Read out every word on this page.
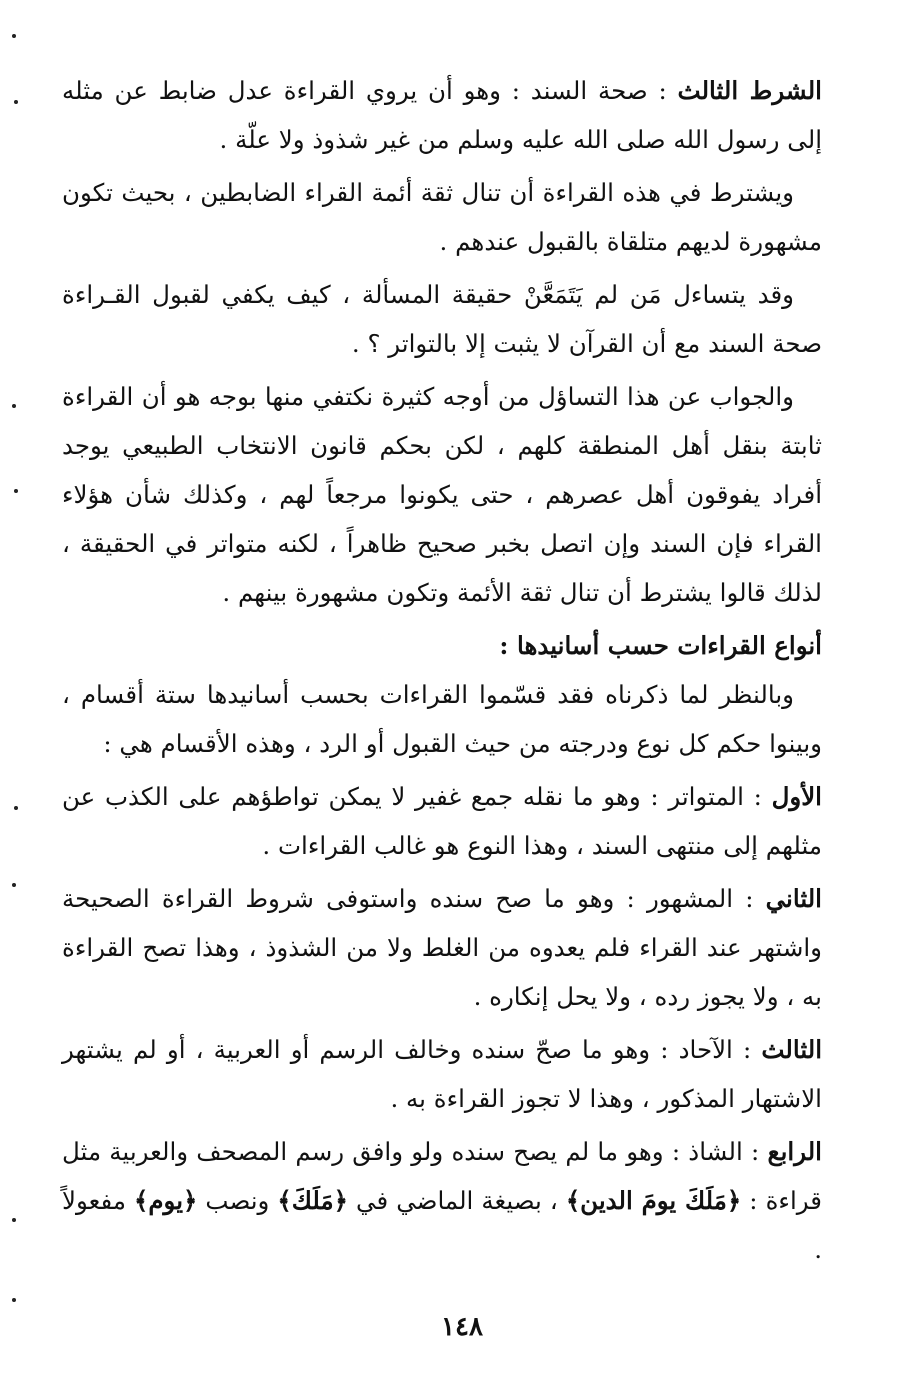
الشرط الثالث : صحة السند : وهو أن يروي القراءة عدل ضابط عن مثله إلى رسول الله صلى الله عليه وسلم من غير شذوذ ولا علّة .

ويشترط في هذه القراءة أن تنال ثقة أئمة القراء الضابطين ، بحيث تكون مشهورة لديهم متلقاة بالقبول عندهم .

وقد يتساءل مَن لم يَتَمَعَّنْ حقيقة المسألة ، كيف يكفي لقبول القـراءة صحة السند مع أن القرآن لا يثبت إلا بالتواتر ؟ .

والجواب عن هذا التساؤل من أوجه كثيرة نكتفي منها بوجه هو أن القراءة ثابتة بنقل أهل المنطقة كلهم ، لكن بحكم قانون الانتخاب الطبيعي يوجد أفراد يفوقون أهل عصرهم ، حتى يكونوا مرجعاً لهم ، وكذلك شأن هؤلاء القراء فإن السند وإن اتصل بخبر صحيح ظاهراً ، لكنه متواتر في الحقيقة ، لذلك قالوا يشترط أن تنال ثقة الأئمة وتكون مشهورة بينهم .

أنواع القراءات حسب أسانيدها :

وبالنظر لما ذكرناه فقد قسّموا القراءات بحسب أسانيدها ستة أقسام ، وبينوا حكم كل نوع ودرجته من حيث القبول أو الرد ، وهذه الأقسام هي :

الأول : المتواتر : وهو ما نقله جمع غفير لا يمكن تواطؤهم على الكذب عن مثلهم إلى منتهى السند ، وهذا النوع هو غالب القراءات .

الثاني : المشهور : وهو ما صح سنده واستوفى شروط القراءة الصحيحة واشتهر عند القراء فلم يعدوه من الغلط ولا من الشذوذ ، وهذا تصح القراءة به ، ولا يجوز رده ، ولا يحل إنكاره .

الثالث : الآحاد : وهو ما صحّ سنده وخالف الرسم أو العربية ، أو لم يشتهر الاشتهار المذكور ، وهذا لا تجوز القراءة به .

الرابع : الشاذ : وهو ما لم يصح سنده ولو وافق رسم المصحف والعربية مثل قراءة : ﴿مَلَكَ يومَ الدين﴾ ، بصيغة الماضي في ﴿مَلَكَ﴾ ونصب ﴿يوم﴾ مفعولاً .

١٤٨
